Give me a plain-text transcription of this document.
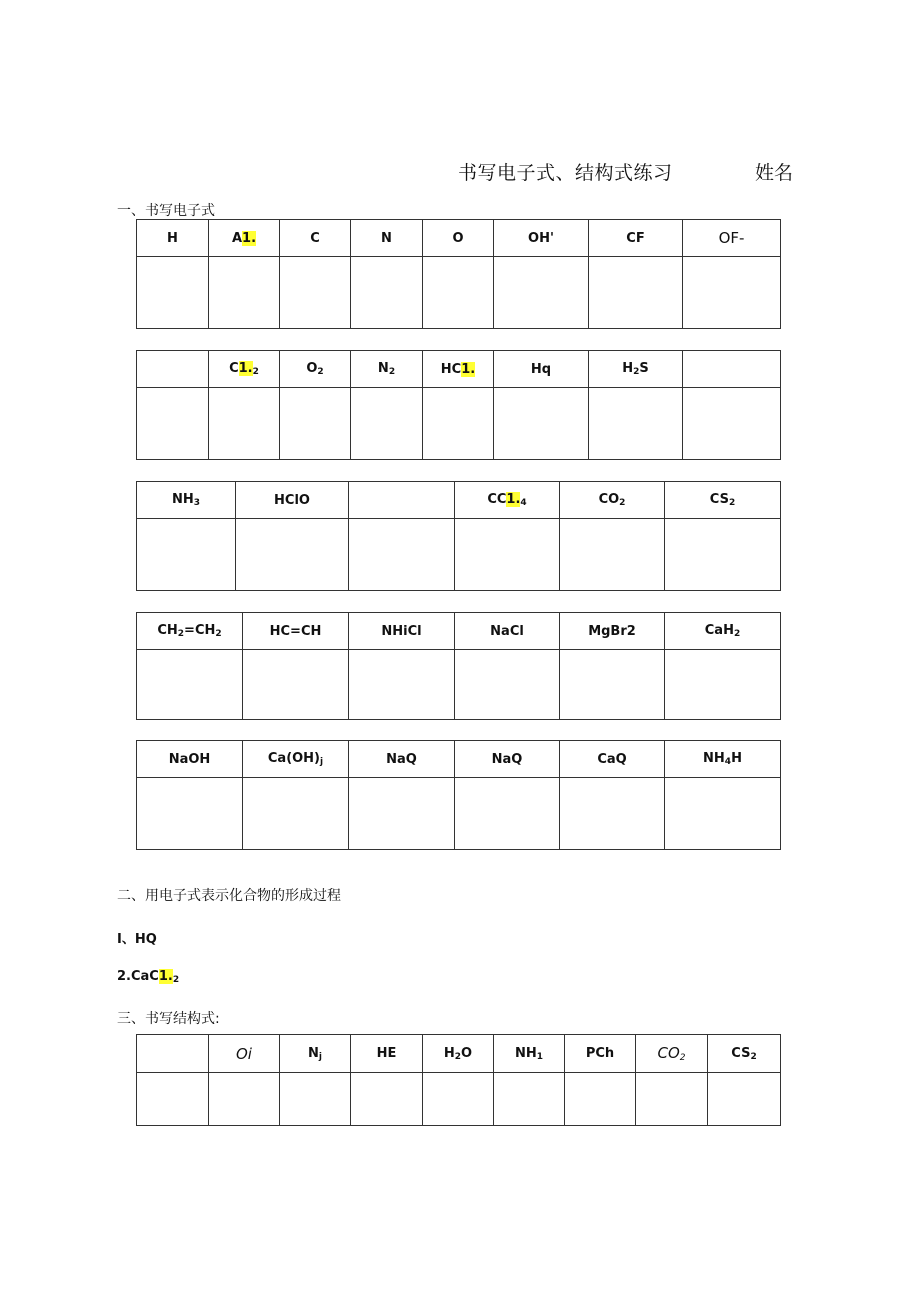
书写电子式、结构式练习	姓名
一、书写电子式
H	A1.	C	N	O	OH'	CF	OF-

	$C1._2$	$O_2$	$N_2$	HC1.	Hq	$H_2S$	

$NH_3$	HClO		$CC1._4$	$CO_2$	$CS_2$

$CH_2=CH_2$	HC=CH	NHiCl	NaCl	MgBr2	CaH$_2$

NaOH	$Ca(OH)_j$	NaQ	NaQ	CaQ	$NH_4H$

二、用电子式表示化合物的形成过程
I、HQ
$2.CaC1._2$
三、书写结构式:
	Oi	$N_j$	HE	$H_2O$	$NH_1$	PCh	$CO_2$	$CS_2$
